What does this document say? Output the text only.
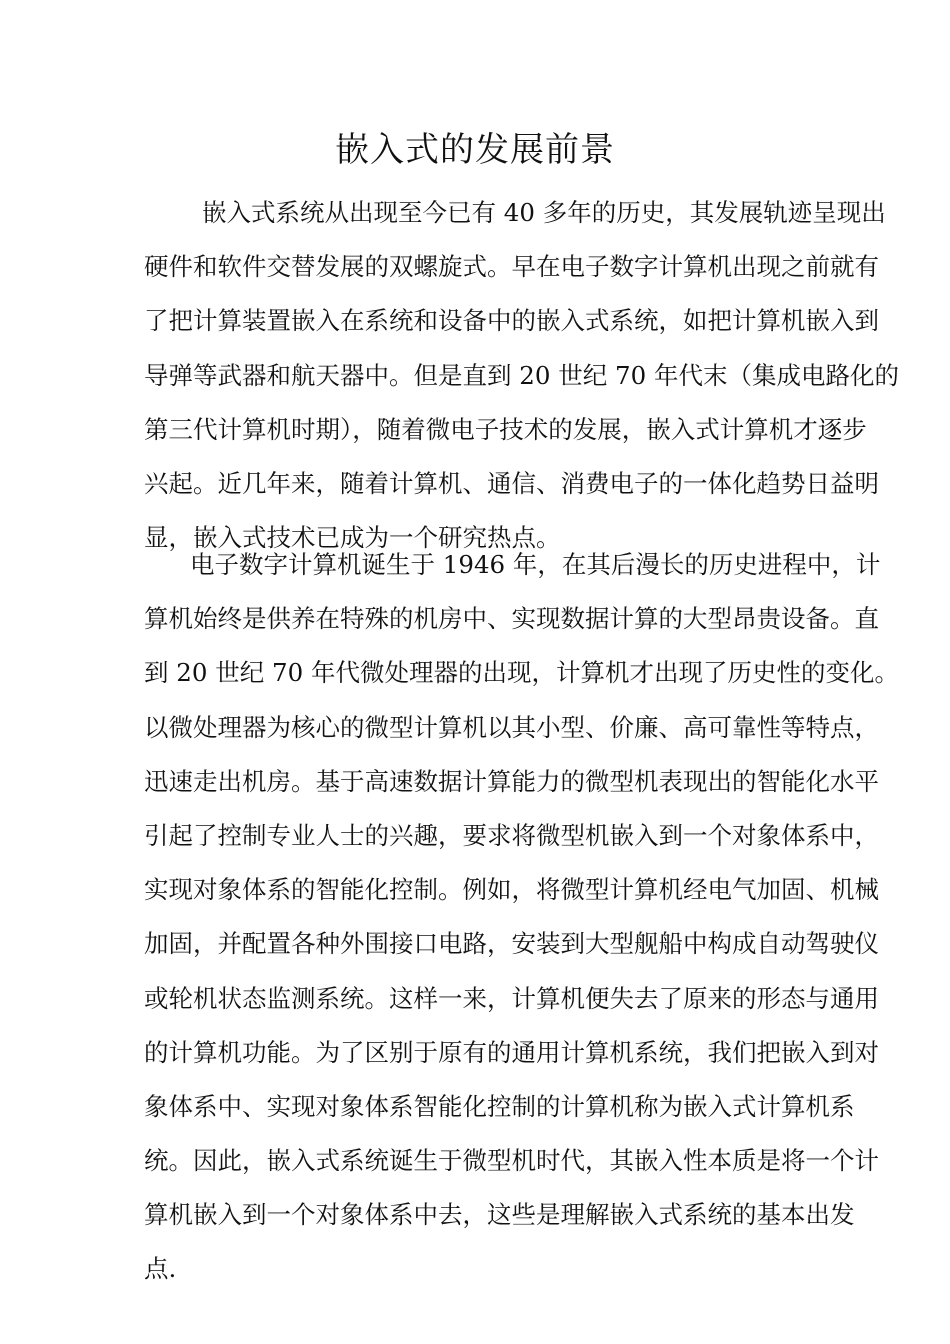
嵌入式的发展前景
嵌入式系统从出现至今已有 40 多年的历史，其发展轨迹呈现出
硬件和软件交替发展的双螺旋式。早在电子数字计算机出现之前就有
了把计算装置嵌入在系统和设备中的嵌入式系统，如把计算机嵌入到
导弹等武器和航天器中。但是直到 20 世纪 70 年代末（集成电路化的
第三代计算机时期），随着微电子技术的发展，嵌入式计算机才逐步
兴起。近几年来，随着计算机、通信、消费电子的一体化趋势日益明
显，嵌入式技术已成为一个研究热点。
电子数字计算机诞生于 1946 年，在其后漫长的历史进程中，计
算机始终是供养在特殊的机房中、实现数据计算的大型昂贵设备。直
到 20 世纪 70 年代微处理器的出现，计算机才出现了历史性的变化。
以微处理器为核心的微型计算机以其小型、价廉、高可靠性等特点，
迅速走出机房。基于高速数据计算能力的微型机表现出的智能化水平
引起了控制专业人士的兴趣，要求将微型机嵌入到一个对象体系中，
实现对象体系的智能化控制。例如，将微型计算机经电气加固、机械
加固，并配置各种外围接口电路，安装到大型舰船中构成自动驾驶仪
或轮机状态监测系统。这样一来，计算机便失去了原来的形态与通用
的计算机功能。为了区别于原有的通用计算机系统，我们把嵌入到对
象体系中、实现对象体系智能化控制的计算机称为嵌入式计算机系
统。因此，嵌入式系统诞生于微型机时代，其嵌入性本质是将一个计
算机嵌入到一个对象体系中去，这些是理解嵌入式系统的基本出发
点.
